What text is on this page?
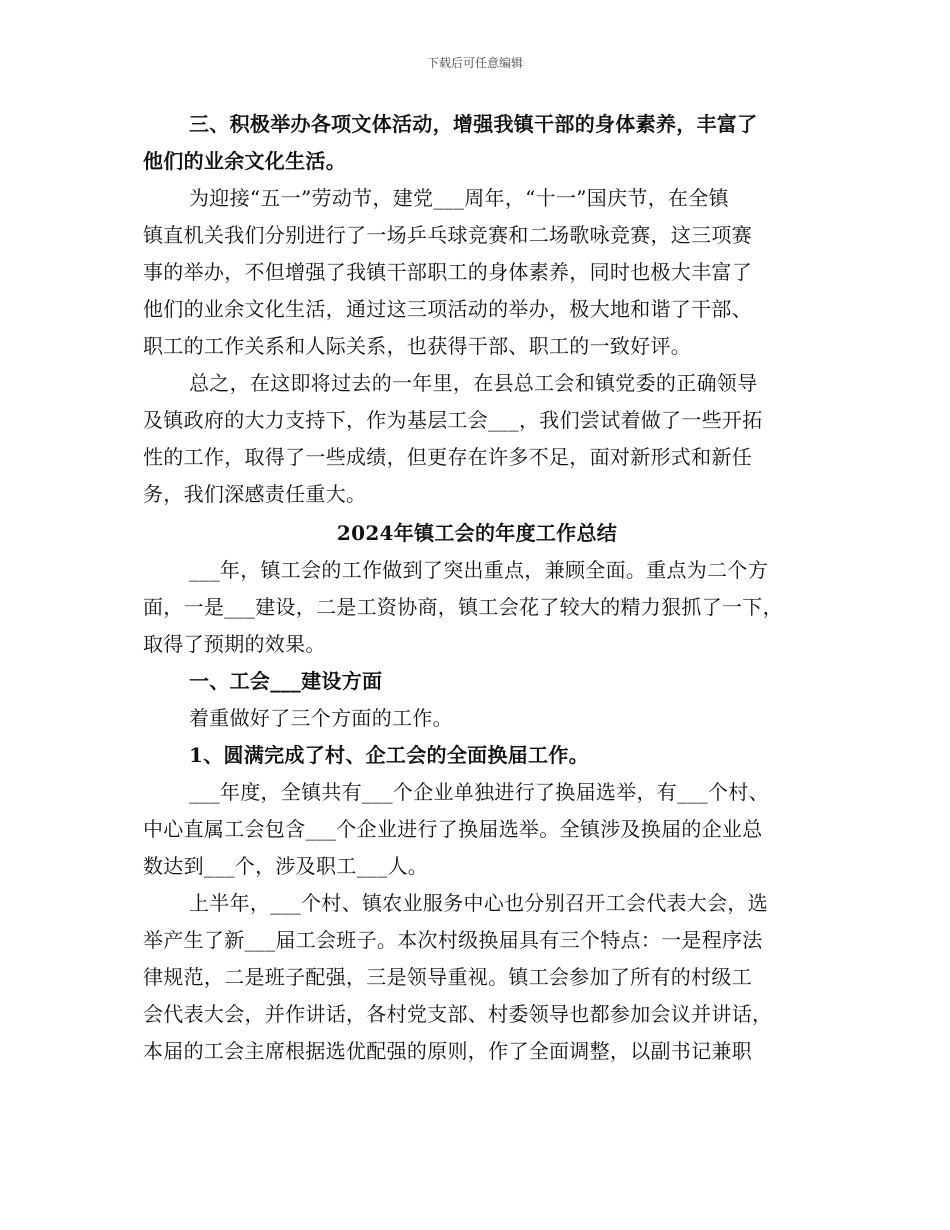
下载后可任意编辑
三、积极举办各项文体活动，增强我镇干部的身体素养，丰富了
他们的业余文化生活。
为迎接“五一”劳动节，建党___周年，“十一”国庆节，在全镇
镇直机关我们分别进行了一场乒乓球竞赛和二场歌咏竞赛，这三项赛
事的举办，不但增强了我镇干部职工的身体素养，同时也极大丰富了
他们的业余文化生活，通过这三项活动的举办，极大地和谐了干部、
职工的工作关系和人际关系，也获得干部、职工的一致好评。
总之，在这即将过去的一年里，在县总工会和镇党委的正确领导
及镇政府的大力支持下，作为基层工会___，我们尝试着做了一些开拓
性的工作，取得了一些成绩，但更存在许多不足，面对新形式和新任
务，我们深感责任重大。
2024年镇工会的年度工作总结
___年，镇工会的工作做到了突出重点，兼顾全面。重点为二个方
面，一是___建设，二是工资协商，镇工会花了较大的精力狠抓了一下，
取得了预期的效果。
一、工会___建设方面
着重做好了三个方面的工作。
1、圆满完成了村、企工会的全面换届工作。
___年度，全镇共有___个企业单独进行了换届选举，有___个村、
中心直属工会包含___个企业进行了换届选举。全镇涉及换届的企业总
数达到___个，涉及职工___人。
上半年，___个村、镇农业服务中心也分别召开工会代表大会，选
举产生了新___届工会班子。本次村级换届具有三个特点：一是程序法
律规范，二是班子配强，三是领导重视。镇工会参加了所有的村级工
会代表大会，并作讲话，各村党支部、村委领导也都参加会议并讲话，
本届的工会主席根据选优配强的原则，作了全面调整，以副书记兼职
